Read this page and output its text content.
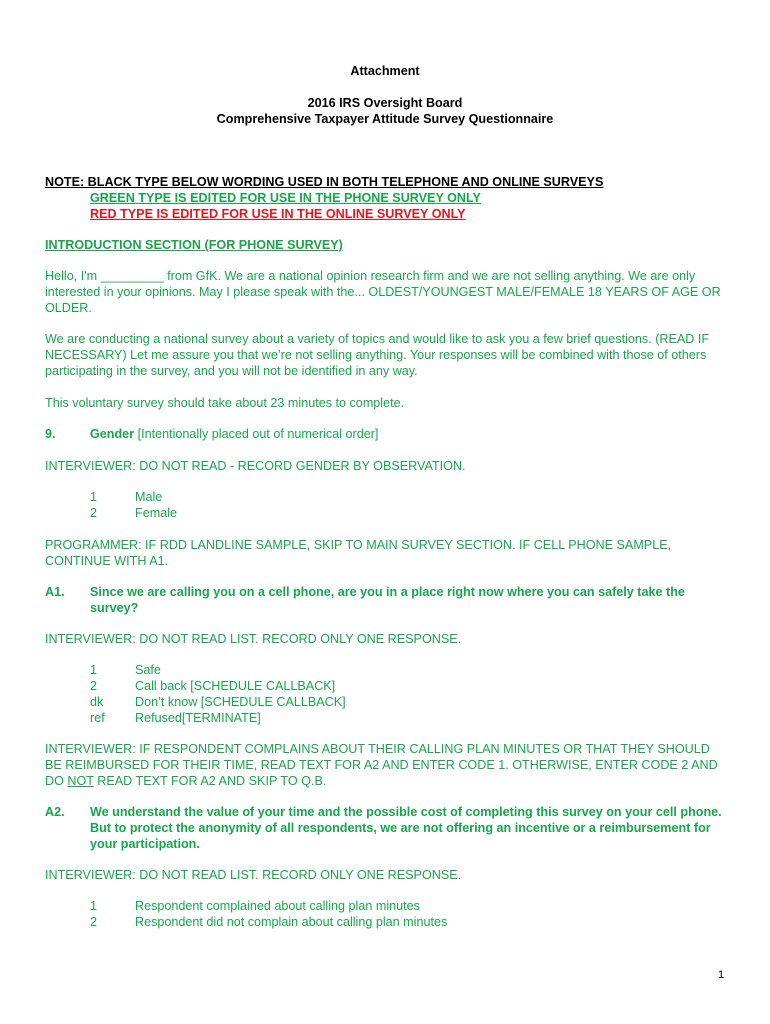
Attachment
2016 IRS Oversight Board
Comprehensive Taxpayer Attitude Survey Questionnaire
NOTE: BLACK TYPE BELOW WORDING USED IN BOTH TELEPHONE AND ONLINE SURVEYS
GREEN TYPE IS EDITED FOR USE IN THE PHONE SURVEY ONLY
RED TYPE IS EDITED FOR USE IN THE ONLINE SURVEY ONLY
INTRODUCTION SECTION (FOR PHONE SURVEY)
Hello, I'm _________ from GfK. We are a national opinion research firm and we are not selling anything. We are only interested in your opinions. May I please speak with the... OLDEST/YOUNGEST MALE/FEMALE 18 YEARS OF AGE OR OLDER.
We are conducting a national survey about a variety of topics and would like to ask you a few brief questions. (READ IF NECESSARY) Let me assure you that we’re not selling anything. Your responses will be combined with those of others participating in the survey, and you will not be identified in any way.
This voluntary survey should take about 23 minutes to complete.
9.	Gender [Intentionally placed out of numerical order]
INTERVIEWER: DO NOT READ - RECORD GENDER BY OBSERVATION.
1	Male
2	Female
PROGRAMMER: IF RDD LANDLINE SAMPLE, SKIP TO MAIN SURVEY SECTION. IF CELL PHONE SAMPLE, CONTINUE WITH A1.
A1. Since we are calling you on a cell phone, are you in a place right now where you can safely take the survey?
INTERVIEWER: DO NOT READ LIST. RECORD ONLY ONE RESPONSE.
1	Safe
2	Call back [SCHEDULE CALLBACK]
dk	Don’t know [SCHEDULE CALLBACK]
ref Refused[TERMINATE]
INTERVIEWER: IF RESPONDENT COMPLAINS ABOUT THEIR CALLING PLAN MINUTES OR THAT THEY SHOULD BE REIMBURSED FOR THEIR TIME, READ TEXT FOR A2 AND ENTER CODE 1. OTHERWISE, ENTER CODE 2 AND DO NOT READ TEXT FOR A2 AND SKIP TO Q.B.
A2. We understand the value of your time and the possible cost of completing this survey on your cell phone. But to protect the anonymity of all respondents, we are not offering an incentive or a reimbursement for your participation.
INTERVIEWER: DO NOT READ LIST. RECORD ONLY ONE RESPONSE.
1	Respondent complained about calling plan minutes
2	Respondent did not complain about calling plan minutes
1
